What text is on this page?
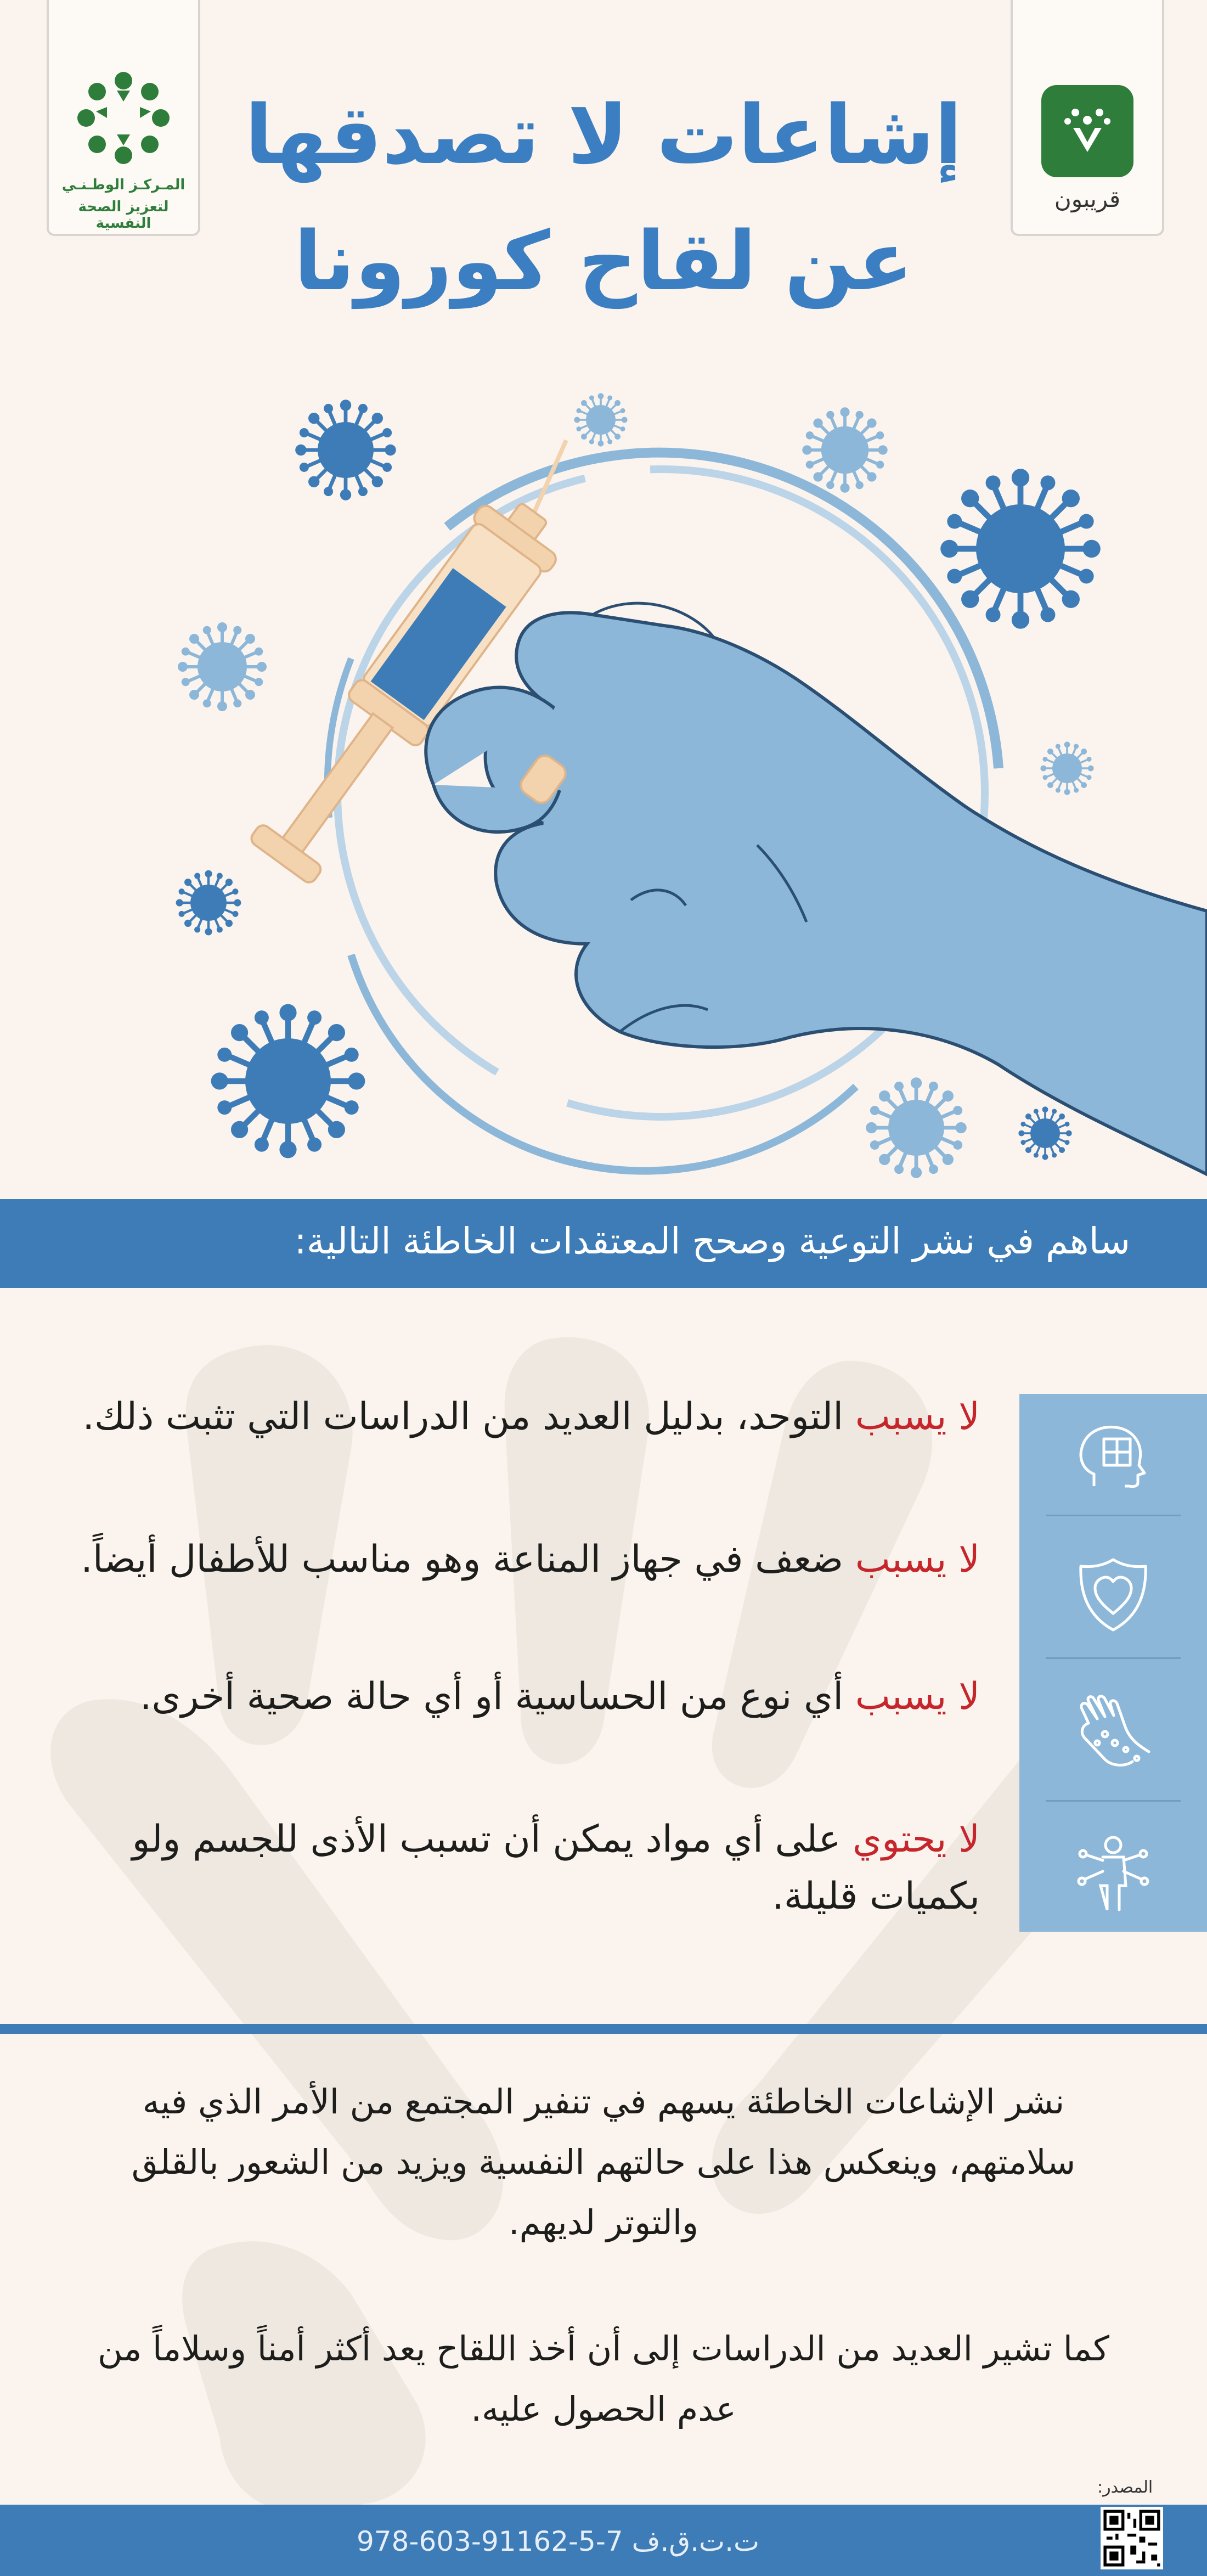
المـركـز الوطـنـي
لتعزيز الصحة النفسية
قريبون
إشاعات لا تصدقها
عن لقاح كورونا
ساهم في نشر التوعية وصحح المعتقدات الخاطئة التالية:
لا يسبب التوحد، بدليل العديد من الدراسات التي تثبت ذلك.
لا يسبب ضعف في جهاز المناعة وهو مناسب للأطفال أيضاً.
لا يسبب أي نوع من الحساسية أو أي حالة صحية أخرى.
لا يحتوي على أي مواد يمكن أن تسبب الأذى للجسم ولو بكميات قليلة.
نشر الإشاعات الخاطئة يسهم في تنفير المجتمع من الأمر الذي فيه سلامتهم، وينعكس هذا على حالتهم النفسية ويزيد من الشعور بالقلق والتوتر لديهم.
كما تشير العديد من الدراسات إلى أن أخذ اللقاح يعد أكثر أمناً وسلاماً من عدم الحصول عليه.
المصدر:
978-603-91162-5-7 ت.ت.ق.ف
